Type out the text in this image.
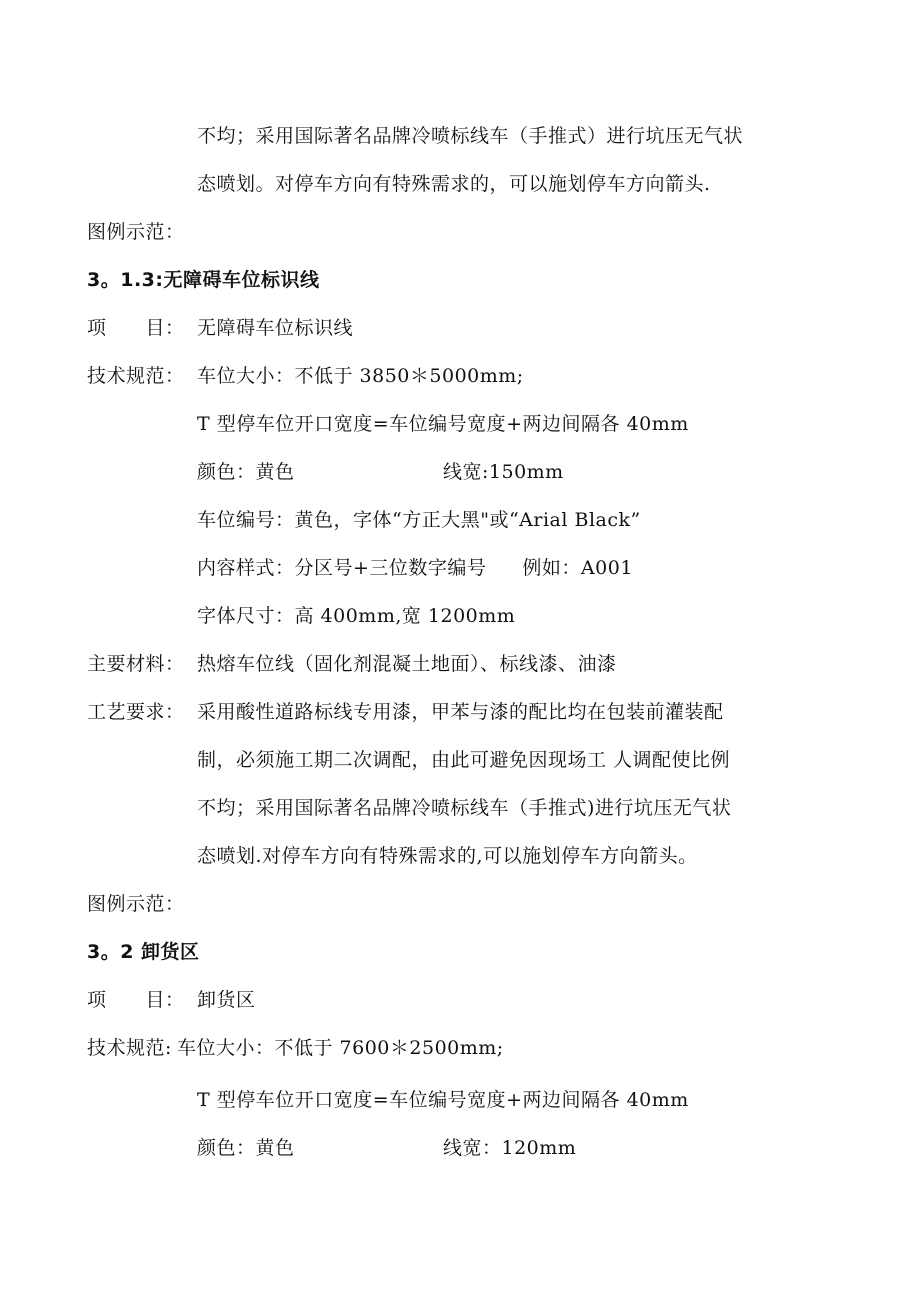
不均；采用国际著名品牌冷喷标线车（手推式）进行坑压无气状
态喷划。对停车方向有特殊需求的，可以施划停车方向箭头.
图例示范：
3。1.3:无障碍车位标识线
项　　目： 无障碍车位标识线
技术规范： 车位大小：不低于 3850＊5000mm;
T 型停车位开口宽度=车位编号宽度+两边间隔各 40mm
颜色：黄色	线宽:150mm
车位编号：黄色，字体“方正大黑"或“Arial Black”
内容样式：分区号+三位数字编号 例如：A001
字体尺寸：高 400mm,宽 1200mm
主要材料： 热熔车位线（固化剂混凝土地面）、标线漆、油漆
工艺要求： 采用酸性道路标线专用漆，甲苯与漆的配比均在包装前灌装配
制，必须施工期二次调配，由此可避免因现场工 人调配使比例
不均；采用国际著名品牌冷喷标线车（手推式)进行坑压无气状
态喷划.对停车方向有特殊需求的,可以施划停车方向箭头。
图例示范：
3。2 卸货区
项　　目： 卸货区
技术规范: 车位大小：不低于 7600＊2500mm;
T 型停车位开口宽度=车位编号宽度+两边间隔各 40mm
颜色：黄色	线宽：120mm
